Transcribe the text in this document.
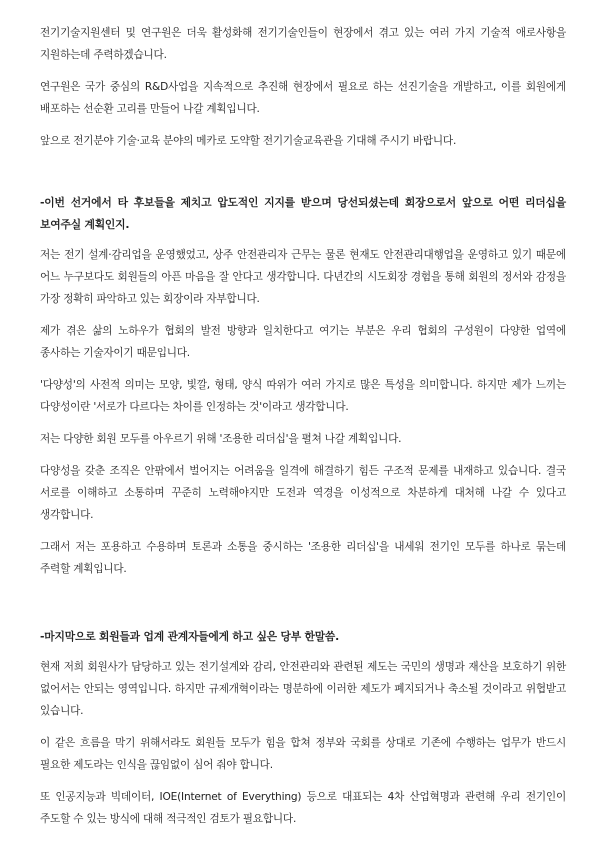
전기기술지원센터 및 연구원은 더욱 활성화해 전기기술인들이 현장에서 겪고 있는 여러 가지 기술적 애로사항을 지원하는데 주력하겠습니다.

연구원은 국가 중심의 R&D사업을 지속적으로 추진해 현장에서 필요로 하는 선진기술을 개발하고, 이를 회원에게 배포하는 선순환 고리를 만들어 나갈 계획입니다.

앞으로 전기분야 기술·교육 분야의 메카로 도약할 전기기술교육관을 기대해 주시기 바랍니다.

-이번 선거에서 타 후보들을 제치고 압도적인 지지를 받으며 당선되셨는데 회장으로서 앞으로 어떤 리더십을 보여주실 계획인지.

저는 전기 설계·감리업을 운영했었고, 상주 안전관리자 근무는 물론 현재도 안전관리대행업을 운영하고 있기 때문에 어느 누구보다도 회원들의 아픈 마음을 잘 안다고 생각합니다. 다년간의 시도회장 경험을 통해 회원의 정서와 감정을 가장 정확히 파악하고 있는 회장이라 자부합니다.

제가 겪은 삶의 노하우가 협회의 발전 방향과 일치한다고 여기는 부분은 우리 협회의 구성원이 다양한 업역에 종사하는 기술자이기 때문입니다.

'다양성'의 사전적 의미는 모양, 빛깔, 형태, 양식 따위가 여러 가지로 많은 특성을 의미합니다. 하지만 제가 느끼는 다양성이란 '서로가 다르다는 차이를 인정하는 것'이라고 생각합니다.

저는 다양한 회원 모두를 아우르기 위해 '조용한 리더십'을 펼쳐 나갈 계획입니다.

다양성을 갖춘 조직은 안팎에서 벌어지는 어려움을 일격에 해결하기 힘든 구조적 문제를 내재하고 있습니다. 결국 서로를 이해하고 소통하며 꾸준히 노력해야지만 도전과 역경을 이성적으로 차분하게 대처해 나갈 수 있다고 생각합니다.

그래서 저는 포용하고 수용하며 토론과 소통을 중시하는 '조용한 리더십'을 내세워 전기인 모두를 하나로 묶는데 주력할 계획입니다.

-마지막으로 회원들과 업계 관계자들에게 하고 싶은 당부 한말씀.

현재 저희 회원사가 담당하고 있는 전기설계와 감리, 안전관리와 관련된 제도는 국민의 생명과 재산을 보호하기 위한 없어서는 안되는 영역입니다. 하지만 규제개혁이라는 명분하에 이러한 제도가 폐지되거나 축소될 것이라고 위협받고 있습니다.

이 같은 흐름을 막기 위해서라도 회원들 모두가 힘을 합쳐 정부와 국회를 상대로 기존에 수행하는 업무가 반드시 필요한 제도라는 인식을 끊임없이 심어 줘야 합니다.

또 인공지능과 빅데이터, IOE(Internet of Everything) 등으로 대표되는 4차 산업혁명과 관련해 우리 전기인이 주도할 수 있는 방식에 대해 적극적인 검토가 필요합니다.
